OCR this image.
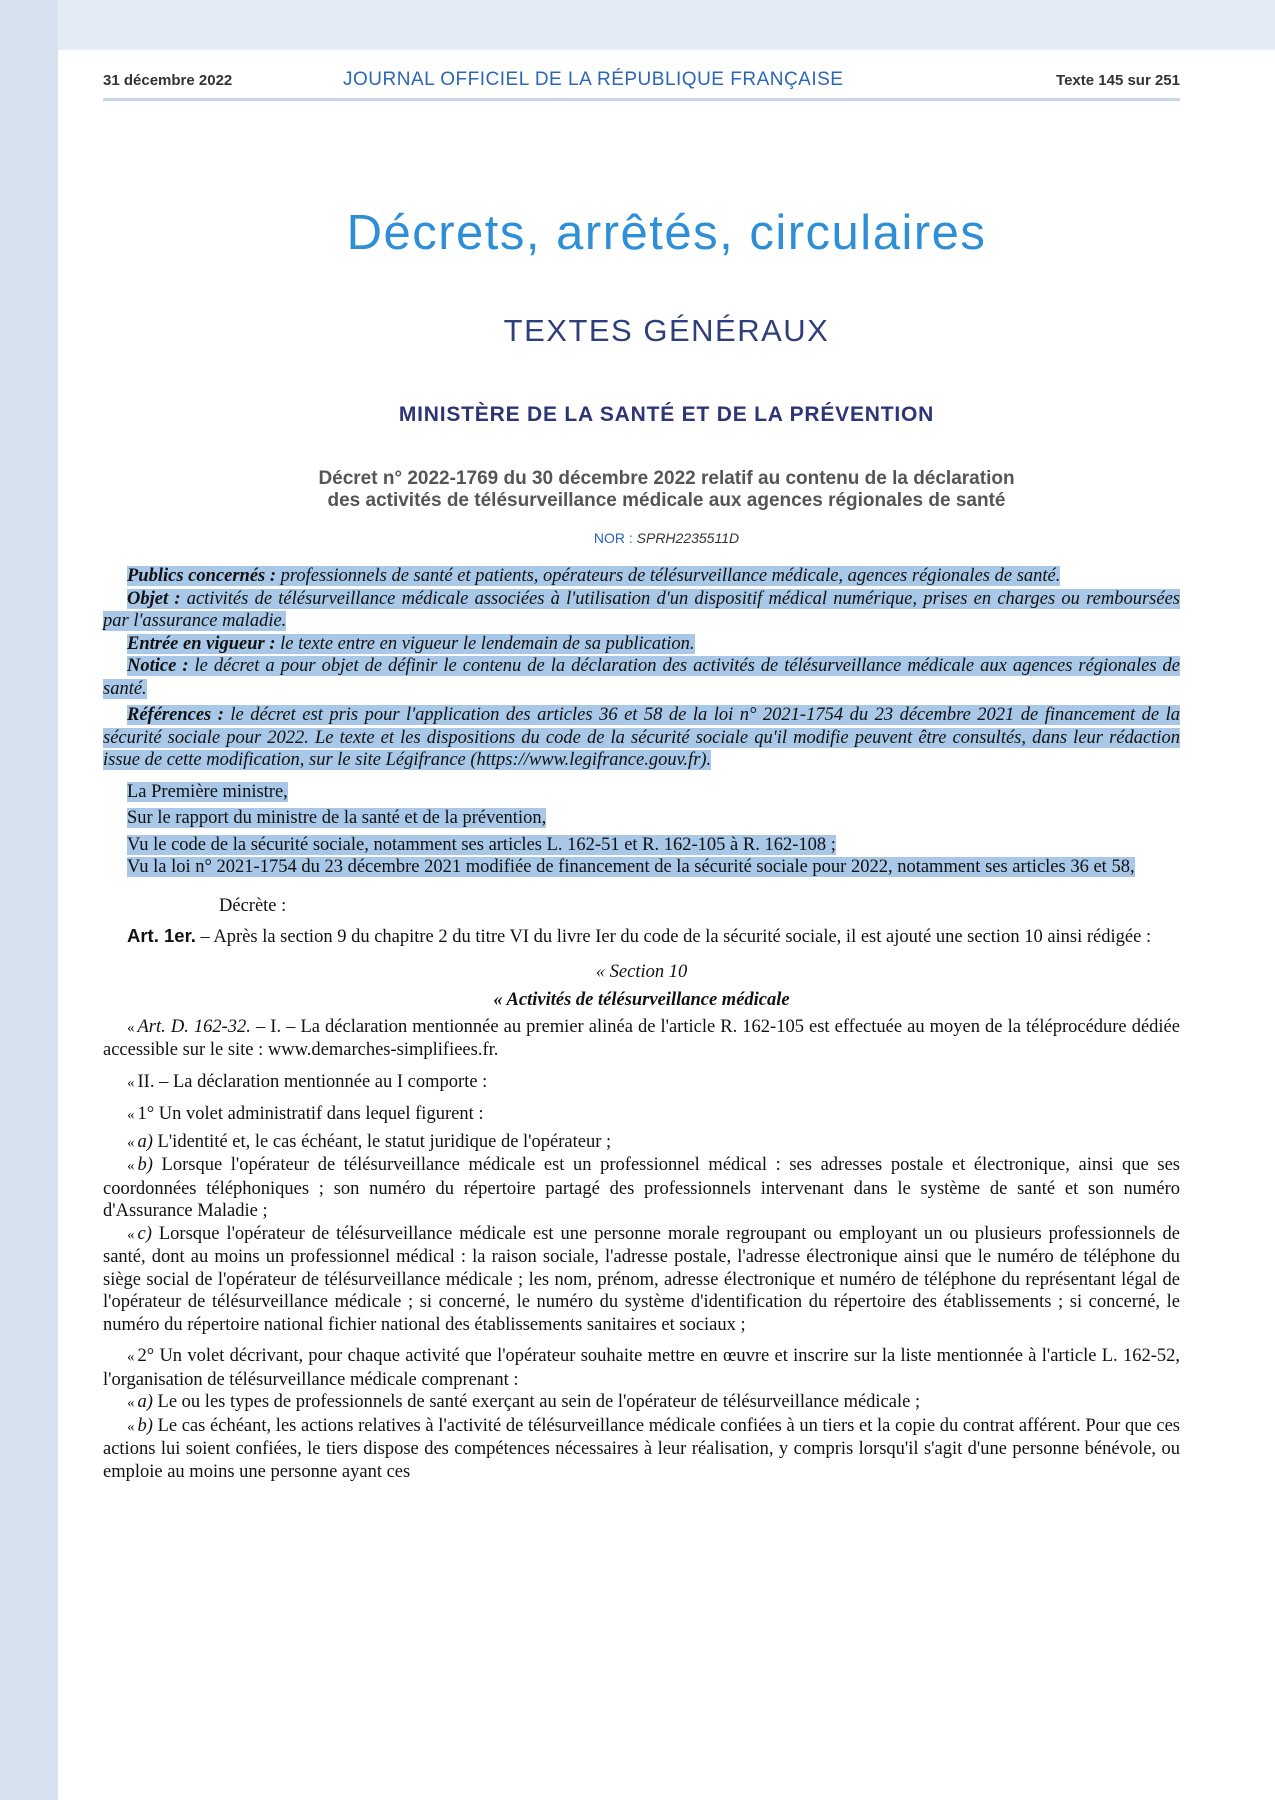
31 décembre 2022	JOURNAL OFFICIEL DE LA RÉPUBLIQUE FRANÇAISE	Texte 145 sur 251
Décrets, arrêtés, circulaires
TEXTES GÉNÉRAUX
MINISTÈRE DE LA SANTÉ ET DE LA PRÉVENTION
Décret n° 2022-1769 du 30 décembre 2022 relatif au contenu de la déclaration
des activités de télésurveillance médicale aux agences régionales de santé
NOR : SPRH2235511D

Publics concernés : professionnels de santé et patients, opérateurs de télésurveillance médicale, agences régionales de santé.

Objet : activités de télésurveillance médicale associées à l'utilisation d'un dispositif médical numérique, prises en charges ou remboursées par l'assurance maladie.

Entrée en vigueur : le texte entre en vigueur le lendemain de sa publication.

Notice : le décret a pour objet de définir le contenu de la déclaration des activités de télésurveillance médicale aux agences régionales de santé.

Références : le décret est pris pour l'application des articles 36 et 58 de la loi n° 2021-1754 du 23 décembre 2021 de financement de la sécurité sociale pour 2022. Le texte et les dispositions du code de la sécurité sociale qu'il modifie peuvent être consultés, dans leur rédaction issue de cette modification, sur le site Légifrance (https://www.legifrance.gouv.fr).

La Première ministre,

Sur le rapport du ministre de la santé et de la prévention,

Vu le code de la sécurité sociale, notamment ses articles L. 162-51 et R. 162-105 à R. 162-108 ;

Vu la loi n° 2021-1754 du 23 décembre 2021 modifiée de financement de la sécurité sociale pour 2022, notamment ses articles 36 et 58,

Décrète :

Art. 1er. – Après la section 9 du chapitre 2 du titre VI du livre Ier du code de la sécurité sociale, il est ajouté une section 10 ainsi rédigée :

« Section 10

« Activités de télésurveillance médicale

« Art. D. 162-32. – I. – La déclaration mentionnée au premier alinéa de l'article R. 162-105 est effectuée au moyen de la téléprocédure dédiée accessible sur le site : www.demarches-simplifiees.fr.

« II. – La déclaration mentionnée au I comporte :

« 1° Un volet administratif dans lequel figurent :

« a) L'identité et, le cas échéant, le statut juridique de l'opérateur ;

« b) Lorsque l'opérateur de télésurveillance médicale est un professionnel médical : ses adresses postale et électronique, ainsi que ses coordonnées téléphoniques ; son numéro du répertoire partagé des professionnels intervenant dans le système de santé et son numéro d'Assurance Maladie ;

« c) Lorsque l'opérateur de télésurveillance médicale est une personne morale regroupant ou employant un ou plusieurs professionnels de santé, dont au moins un professionnel médical : la raison sociale, l'adresse postale, l'adresse électronique ainsi que le numéro de téléphone du siège social de l'opérateur de télésurveillance médicale ; les nom, prénom, adresse électronique et numéro de téléphone du représentant légal de l'opérateur de télésurveillance médicale ; si concerné, le numéro du système d'identification du répertoire des établissements ; si concerné, le numéro du répertoire national fichier national des établissements sanitaires et sociaux ;

« 2° Un volet décrivant, pour chaque activité que l'opérateur souhaite mettre en œuvre et inscrire sur la liste mentionnée à l'article L. 162-52, l'organisation de télésurveillance médicale comprenant :

« a) Le ou les types de professionnels de santé exerçant au sein de l'opérateur de télésurveillance médicale ;

« b) Le cas échéant, les actions relatives à l'activité de télésurveillance médicale confiées à un tiers et la copie du contrat afférent. Pour que ces actions lui soient confiées, le tiers dispose des compétences nécessaires à leur réalisation, y compris lorsqu'il s'agit d'une personne bénévole, ou emploie au moins une personne ayant ces
